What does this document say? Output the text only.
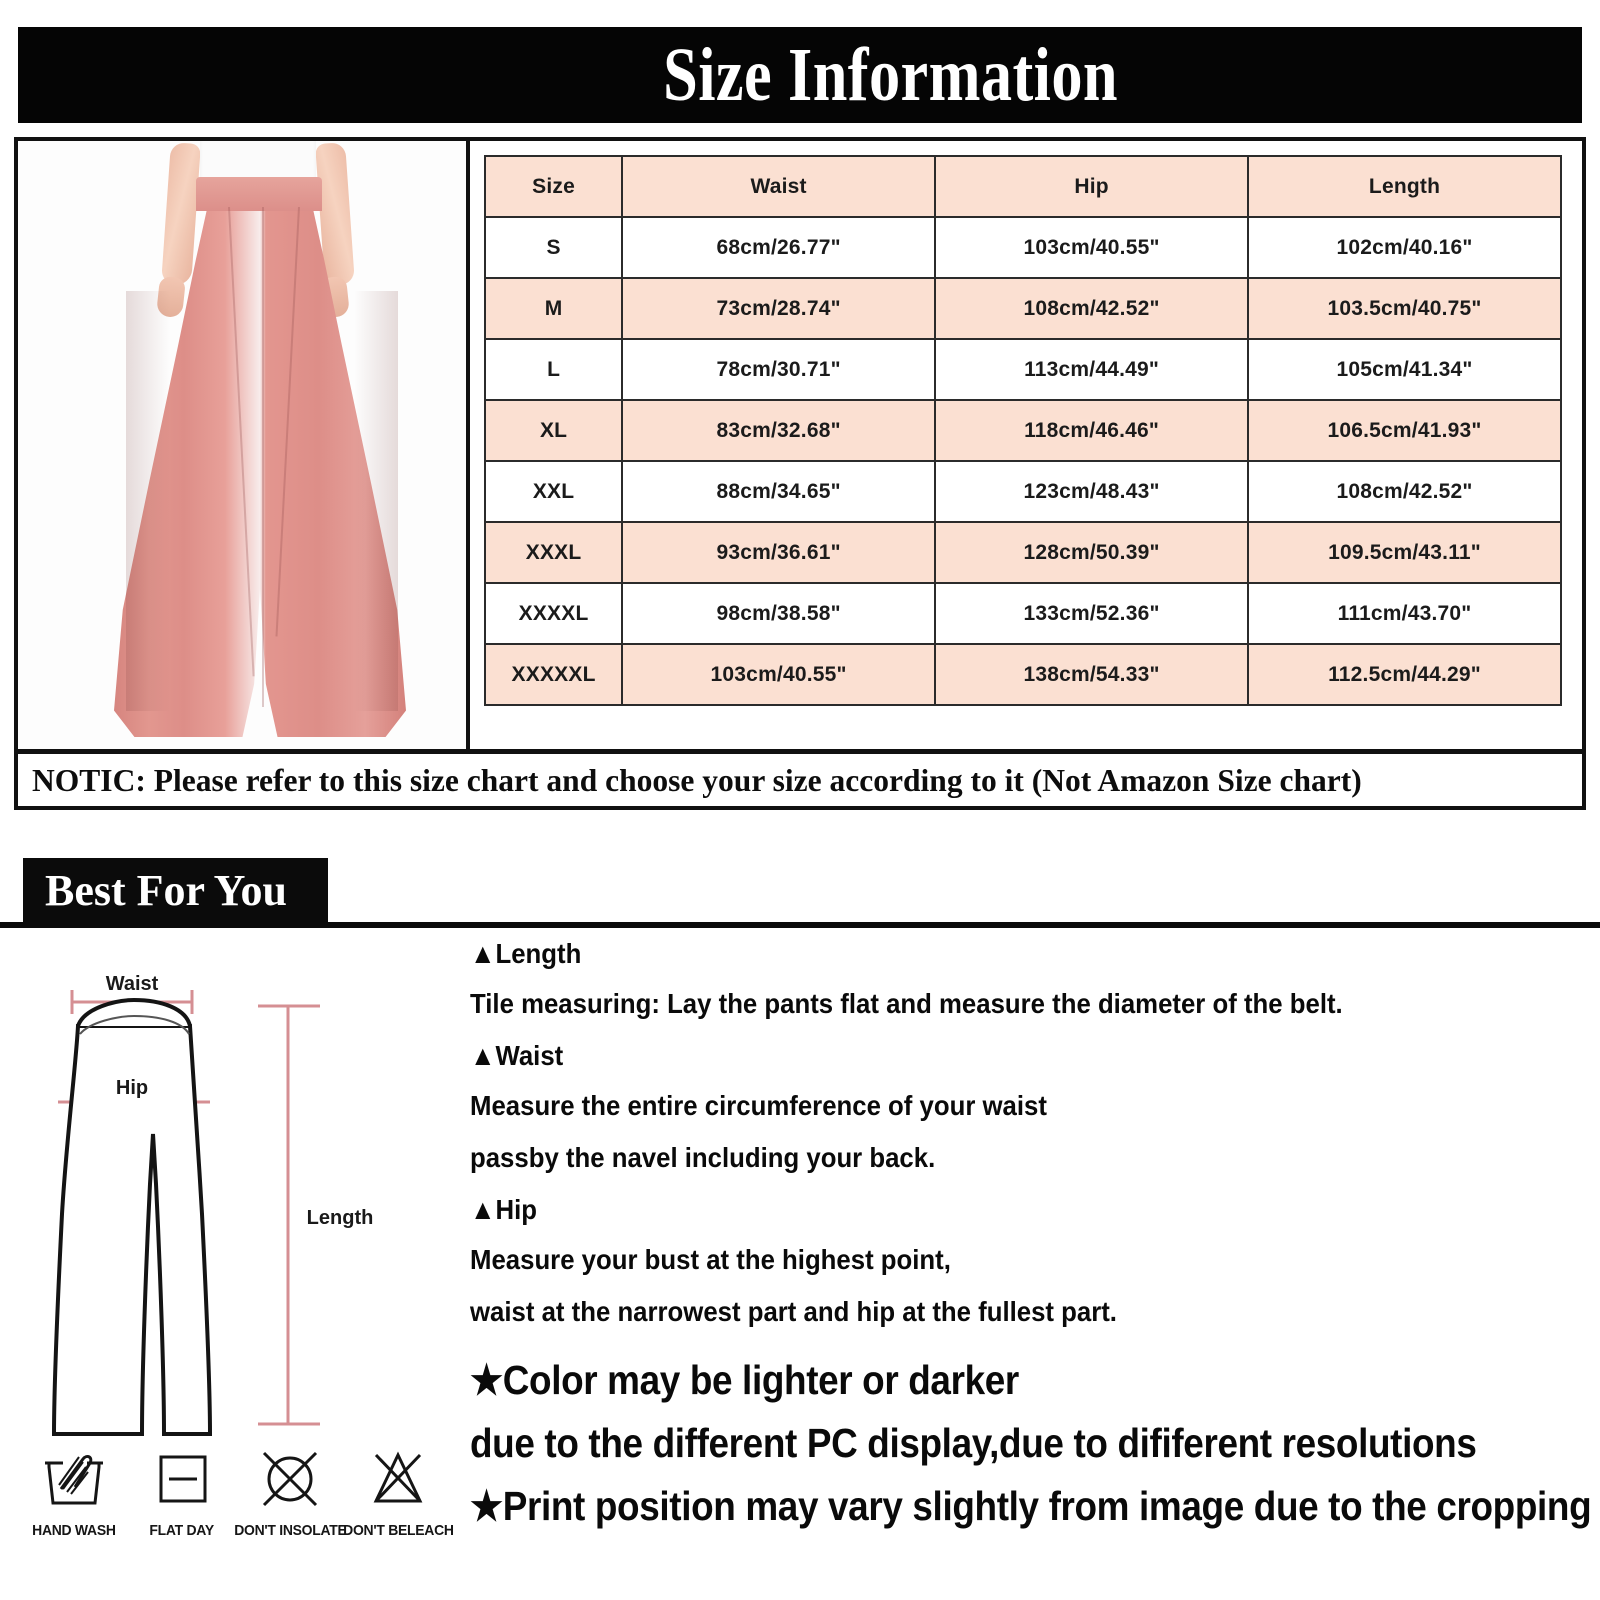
Size Information
Size	Waist	Hip	Length
S	68cm/26.77"	103cm/40.55"	102cm/40.16"
M	73cm/28.74"	108cm/42.52"	103.5cm/40.75"
L	78cm/30.71"	113cm/44.49"	105cm/41.34"
XL	83cm/32.68"	118cm/46.46"	106.5cm/41.93"
XXL	88cm/34.65"	123cm/48.43"	108cm/42.52"
XXXL	93cm/36.61"	128cm/50.39"	109.5cm/43.11"
XXXXL	98cm/38.58"	133cm/52.36"	111cm/43.70"
XXXXXL	103cm/40.55"	138cm/54.33"	112.5cm/44.29"
NOTIC: Please refer to this size chart and choose your size according to it (Not Amazon Size chart)
Best For You
Waist
Hip
Length
HAND WASH FLAT DAY DON'T INSOLATE
DON'T BELEACH
▲Length
Tile measuring: Lay the pants flat and measure the diameter of the belt.
▲Waist
Measure the entire circumference of your waist
passby the navel including your back.
▲Hip
Measure your bust at the highest point,
waist at the narrowest part and hip at the fullest part.
★Color may be lighter or darker
due to the different PC display,due to dififerent resolutions
★Print position may vary slightly from image due to the cropping
